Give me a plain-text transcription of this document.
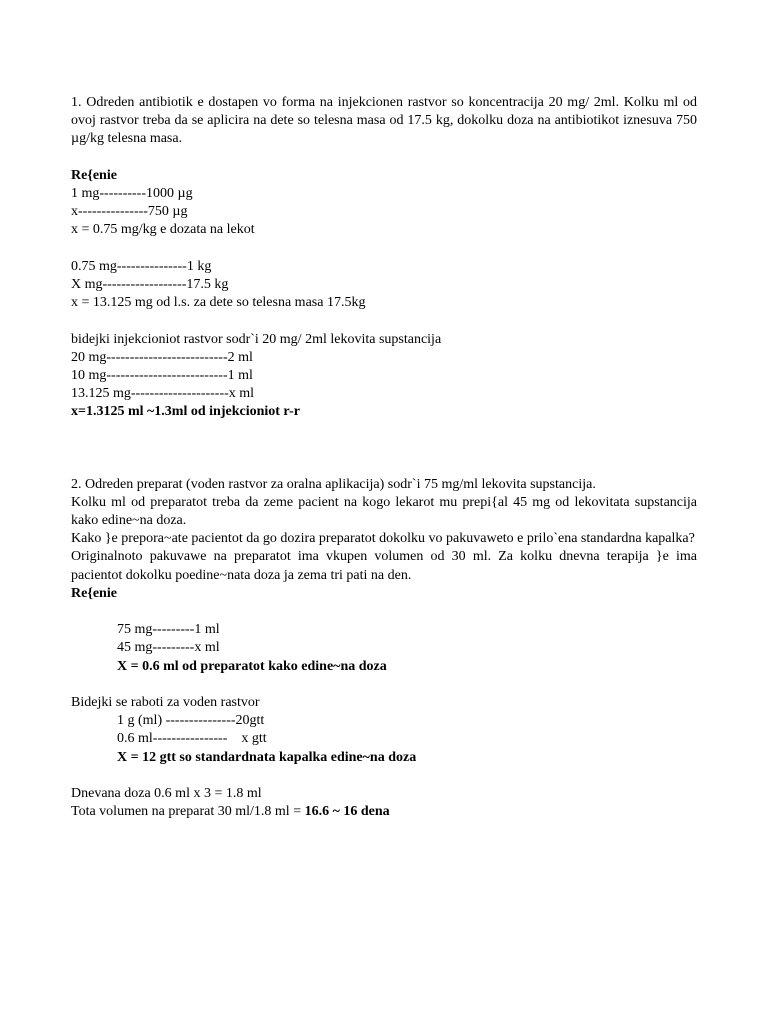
1. Odreden antibiotik e dostapen vo forma na injekcionen rastvor so koncentracija 20 mg/ 2ml. Kolku ml od ovoj rastvor treba da se aplicira na dete so telesna masa od 17.5 kg, dokolku doza na antibiotikot iznesuva 750 µg/kg telesna masa.

Re{enie

1 mg----------1000 µg

x---------------750 µg

x = 0.75 mg/kg e dozata na lekot

0.75 mg---------------1 kg

X mg------------------17.5 kg

x = 13.125 mg od l.s. za dete so telesna masa 17.5kg

bidejki injekcioniot rastvor sodr`i 20 mg/ 2ml lekovita supstancija

20 mg--------------------------2 ml

10 mg--------------------------1 ml

13.125 mg---------------------x ml

x=1.3125 ml ~1.3ml od injekcioniot r-r

2. Odreden preparat (voden rastvor za oralna aplikacija) sodr`i 75 mg/ml lekovita supstancija.

Kolku ml od preparatot treba da zeme pacient na kogo lekarot mu prepi{al 45 mg od lekovitata supstancija kako edine~na doza.

Kako }e prepora~ate pacientot da go dozira preparatot dokolku vo pakuvaweto e prilo`ena standardna kapalka?

Originalnoto pakuvawe na preparatot ima vkupen volumen od 30 ml. Za kolku dnevna terapija }e ima pacientot dokolku poedine~nata doza ja zema tri pati na den.

Re{enie

75 mg---------1 ml

45 mg---------x ml

X = 0.6 ml od preparatot kako edine~na doza

Bidejki se raboti za voden rastvor

1 g (ml) ---------------20gtt

0.6 ml----------------    x gtt

X = 12 gtt so standardnata kapalka edine~na doza

Dnevana doza 0.6 ml x 3 = 1.8 ml

Tota volumen na preparat 30 ml/1.8 ml = 16.6 ~ 16 dena
